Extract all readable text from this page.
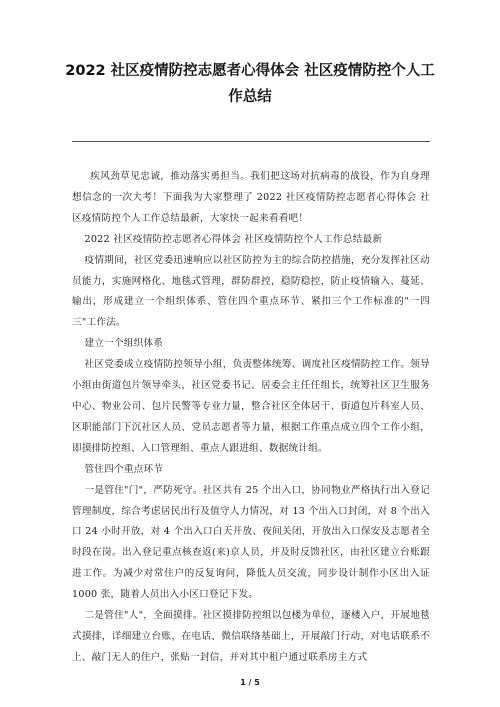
2022 社区疫情防控志愿者心得体会 社区疫情防控个人工作总结

疾风劲草见忠诚，推动落实勇担当。我们把这场对抗病毒的战役，作为自身理想信念的一次大考！下面我为大家整理了 2022 社区疫情防控志愿者心得体会 社区疫情防控个人工作总结最新，大家快一起来看看吧！

2022 社区疫情防控志愿者心得体会 社区疫情防控个人工作总结最新

疫情期间，社区党委迅速响应以社区防控为主的综合防控措施，充分发挥社区动员能力，实施网格化、地毯式管理，群防群控，稳防稳控，防止疫情输入、蔓延、输出，形成建立一个组织体系、管住四个重点环节、紧扣三个工作标准的"一四三"工作法。

建立一个组织体系

社区党委成立疫情防控领导小组，负责整体统筹、调度社区疫情防控工作。领导小组由街道包片领导牵头，社区党委书记、居委会主任任组长，统筹社区卫生服务中心、物业公司、包片民警等专业力量，整合社区全体居干、街道包片科室人员、区职能部门下沉社区人员、党员志愿者等力量，根据工作重点成立四个工作小组，即摸排防控组、入口管理组、重点人跟进组、数据统计组。

管住四个重点环节

一是管住"门"，严防死守。社区共有 25 个出入口，协同物业严格执行出入登记管理制度，综合考虑居民出行及值守人力情况，对 13 个出入口封闭，对 8 个出入口 24 小时开放，对 4 个出入口白天开放、夜间关闭，开放出入口保安及志愿者全时段在岗。出入登记重点核查返(来)京人员，并及时反馈社区，由社区建立台账跟进工作。为减少对常住户的反复询问，降低人员交流，同步设计制作小区出入证 1000 张，随着人员出入小区口登记下发。

二是管住"人"，全面摸排。社区摸排防控组以包楼为单位，逐楼入户，开展地毯式摸排，详细建立台账，在电话、微信联络基础上，开展敲门行动，对电话联系不上、敲门无人的住户，张贴一封信，并对其中租户通过联系房主方式

1 / 5
